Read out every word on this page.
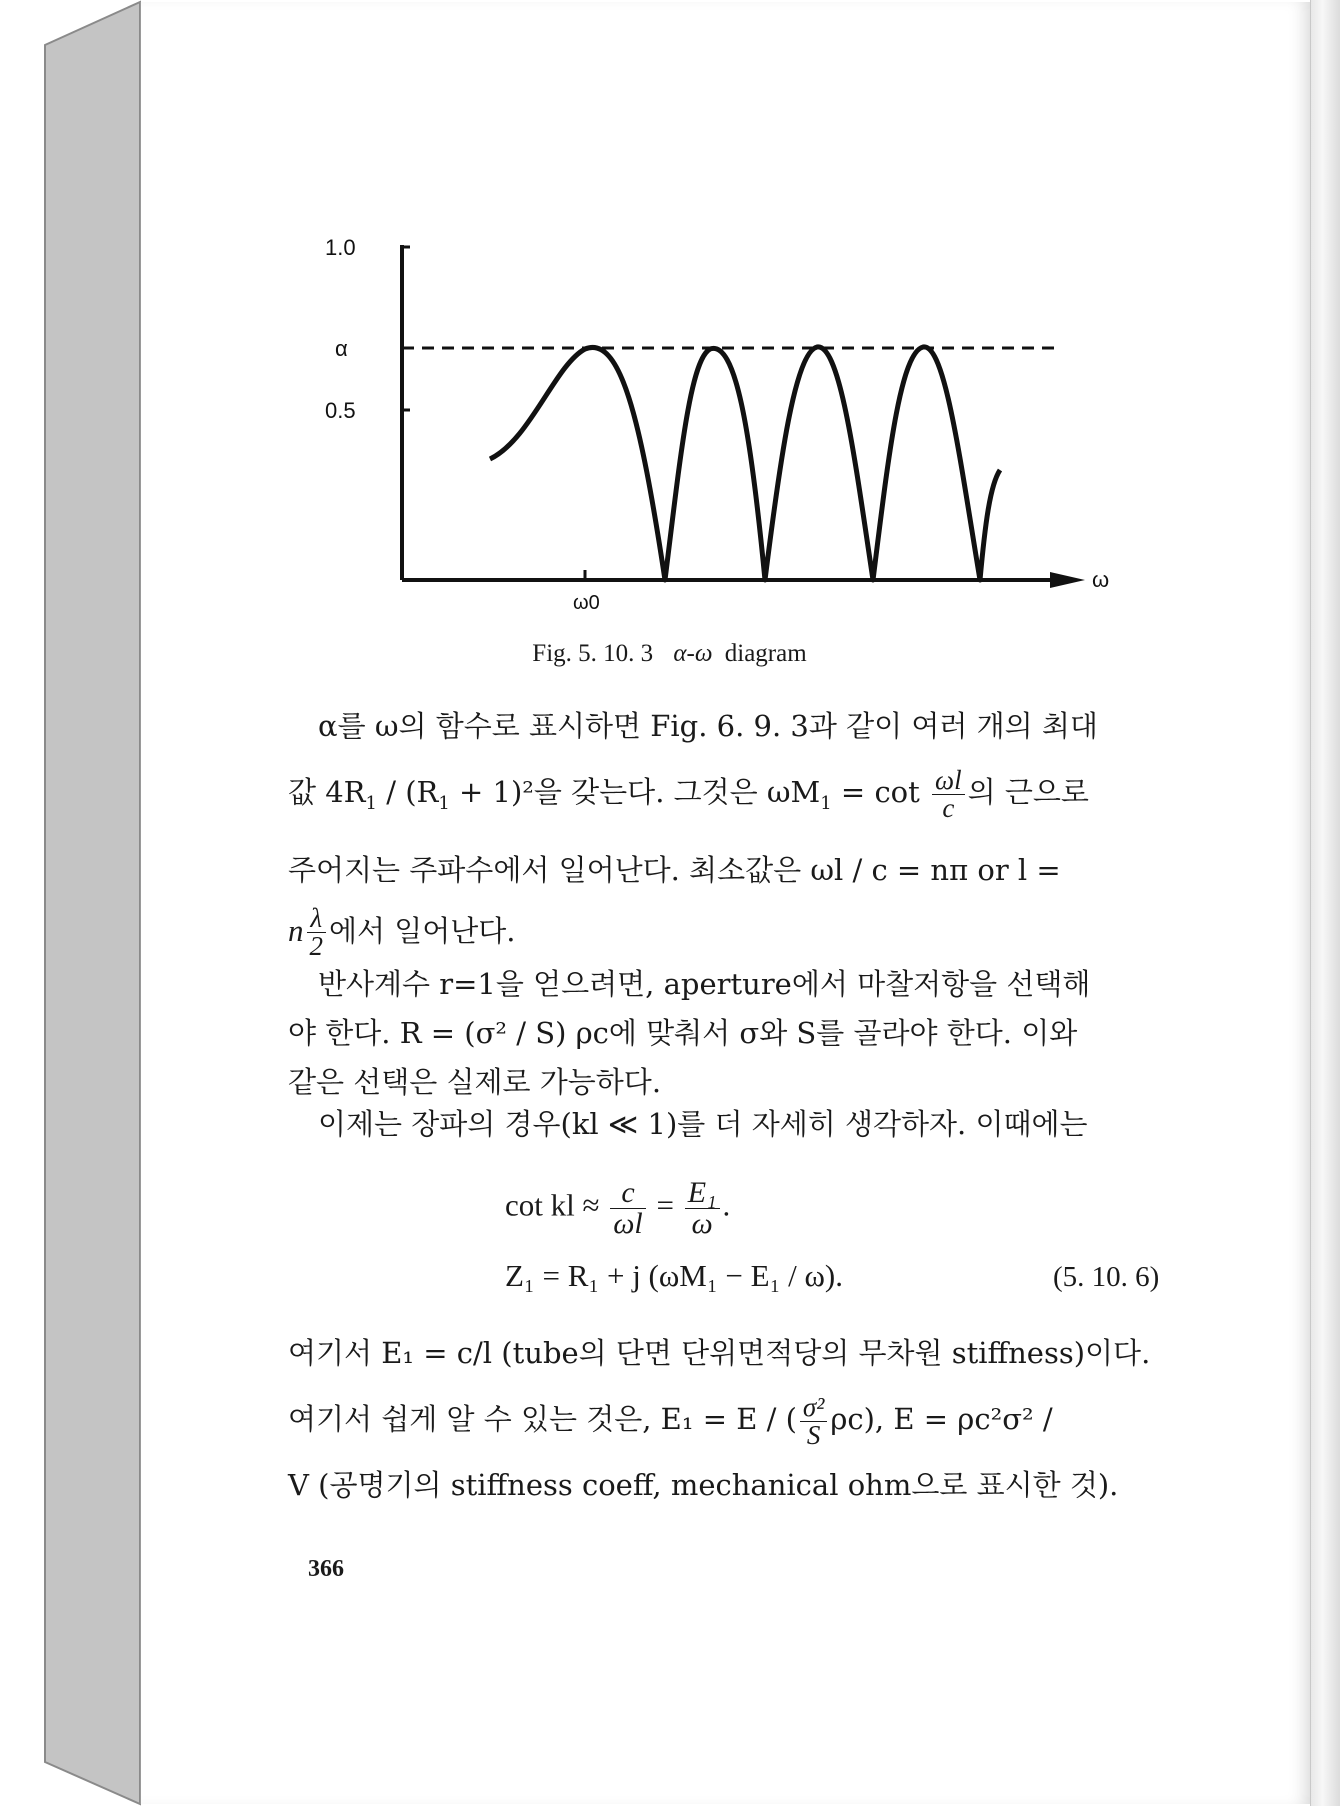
1.0
α
0.5
ω
ω0
Fig. 5. 10. 3 α-ω diagram

α를 ω의 함수로 표시하면 Fig. 6. 9. 3과 같이 여러 개의 최대

값 $4R_1 / (R_1 + 1)^2$을 갖는다. 그것은 $\omega M_1 = \cot \frac{\omega l}{c}$ 의 근으로

주어지는 주파수에서 일어난다. 최소값은 ωl / c = nπ or l =

n $\frac{\lambda}{2}$ 에서 일어난다.

반사계수 r=1을 얻으려면, aperture에서 마찰저항을 선택해

야 한다. R = (σ² / S) ρc에 맞춰서 σ와 S를 골라야 한다. 이와

같은 선택은 실제로 가능하다.

이제는 장파의 경우(kl ≪ 1)를 더 자세히 생각하자. 이때에는

cot kl ≈ $\frac{c}{\omega l} = \frac{\text{E₁}}{\omega}$ .
Z₁ = R₁ + j (ωM₁ − E₁ / ω).	(5. 10. 6)

여기서 E₁ = c/l (tube의 단면 단위면적당의 무차원 stiffness)이다.

여기서 쉽게 알 수 있는 것은, E₁ = E / ( $\frac{\text{σ²}}{S} \rho c$), E = ρc²σ² /

V (공명기의 stiffness coeff, mechanical ohm으로 표시한 것).

366
